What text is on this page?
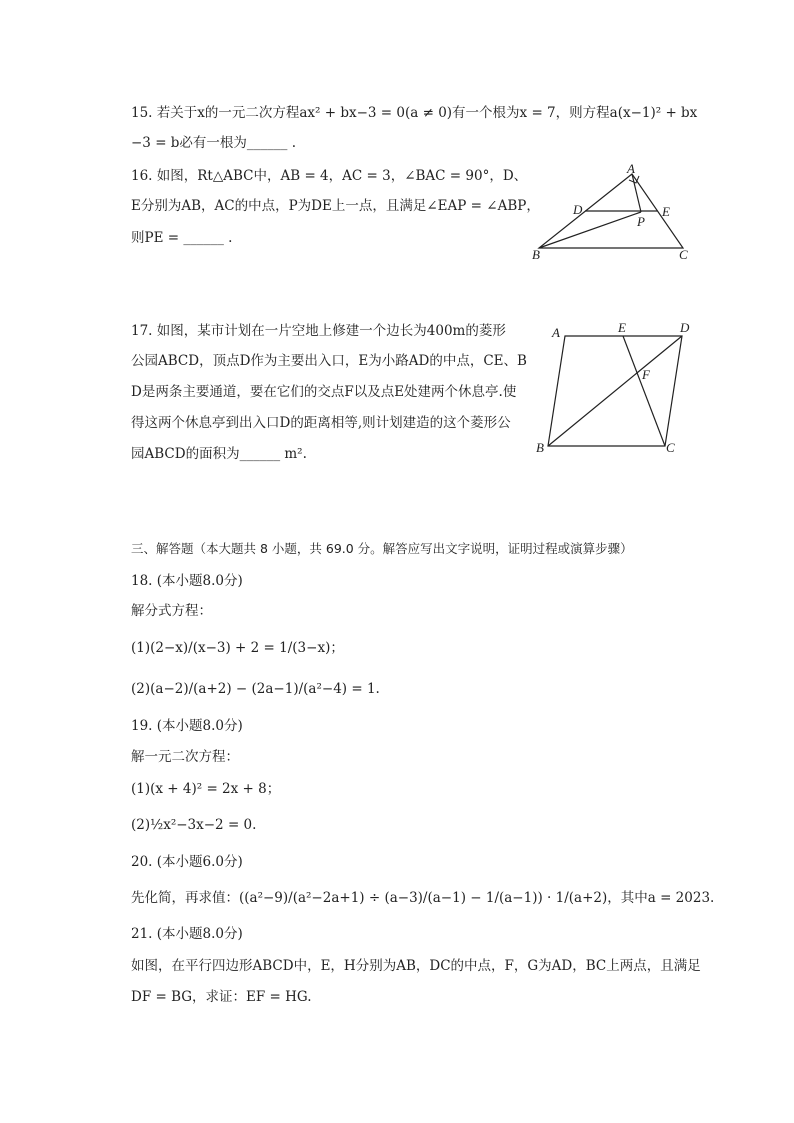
15. 若关于x的一元二次方程ax² + bx−3 = 0(a ≠ 0)有一个根为x = 7，则方程a(x−1)² + bx
−3 = b必有一根为______ .
16. 如图，Rt△ABC中，AB = 4，AC = 3，∠BAC = 90°，D、
E分别为AB，AC的中点，P为DE上一点，且满足∠EAP = ∠ABP，
则PE = ______ .
A
D	E
P
B	C
17. 如图，某市计划在一片空地上修建一个边长为400m的菱形
公园ABCD，顶点D作为主要出入口，E为小路AD的中点，CE、B
D是两条主要通道，要在它们的交点F以及点E处建两个休息亭.使
得这两个休息亭到出入口D的距离相等,则计划建造的这个菱形公
园ABCD的面积为______ m².
A	E	D
F
B	C
三、解答题（本大题共 8 小题，共 69.0 分。解答应写出文字说明，证明过程或演算步骤）
18. (本小题8.0分)
解分式方程：
(1)(2−x)/(x−3) + 2 = 1/(3−x)；
(2)(a−2)/(a+2) − (2a−1)/(a²−4) = 1.
19. (本小题8.0分)
解一元二次方程：
(1)(x + 4)² = 2x + 8；
(2)½x²−3x−2 = 0.
20. (本小题6.0分)
先化简，再求值：((a²−9)/(a²−2a+1) ÷ (a−3)/(a−1) − 1/(a−1)) · 1/(a+2)，其中a = 2023.
21. (本小题8.0分)
如图，在平行四边形ABCD中，E，H分别为AB，DC的中点，F，G为AD，BC上两点，且满足
DF = BG，求证：EF = HG.
